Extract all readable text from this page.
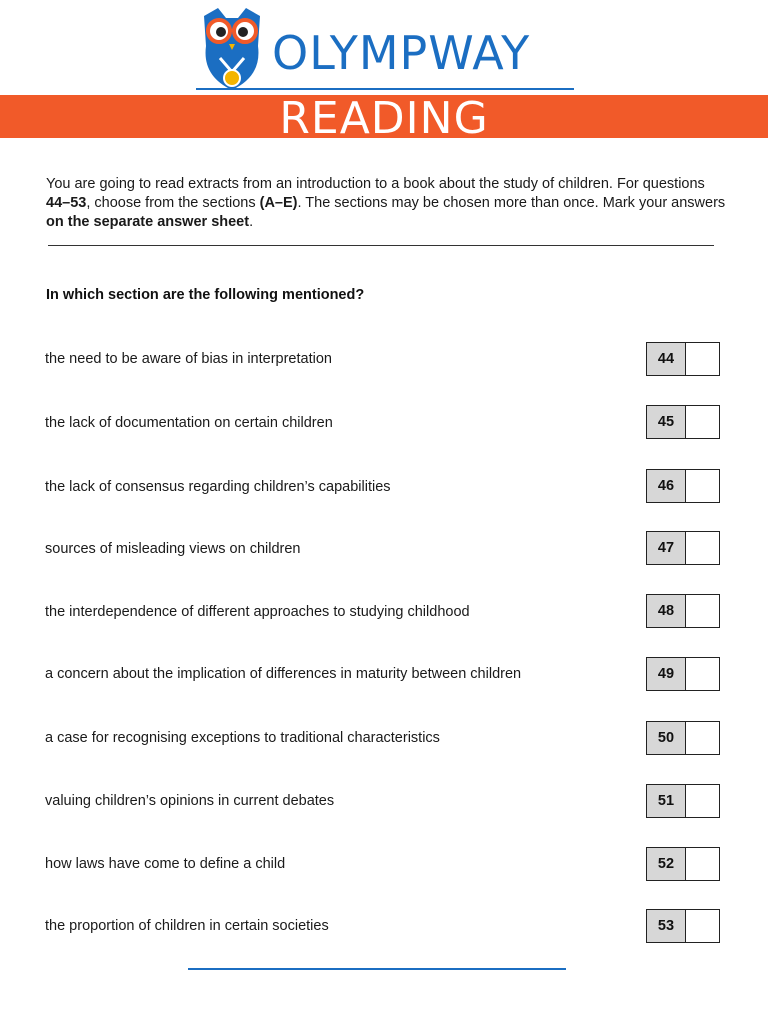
OLYMPWAY
READING
You are going to read extracts from an introduction to a book about the study of children. For questions 44–53, choose from the sections (A–E). The sections may be chosen more than once. Mark your answers on the separate answer sheet.
In which section are the following mentioned?
the need to be aware of bias in interpretation	44
the lack of documentation on certain children	45
the lack of consensus regarding children’s capabilities	46
sources of misleading views on children	47
the interdependence of different approaches to studying childhood	48
a concern about the implication of differences in maturity between children	49
a case for recognising exceptions to traditional characteristics	50
valuing children’s opinions in current debates	51
how laws have come to define a child	52
the proportion of children in certain societies	53
